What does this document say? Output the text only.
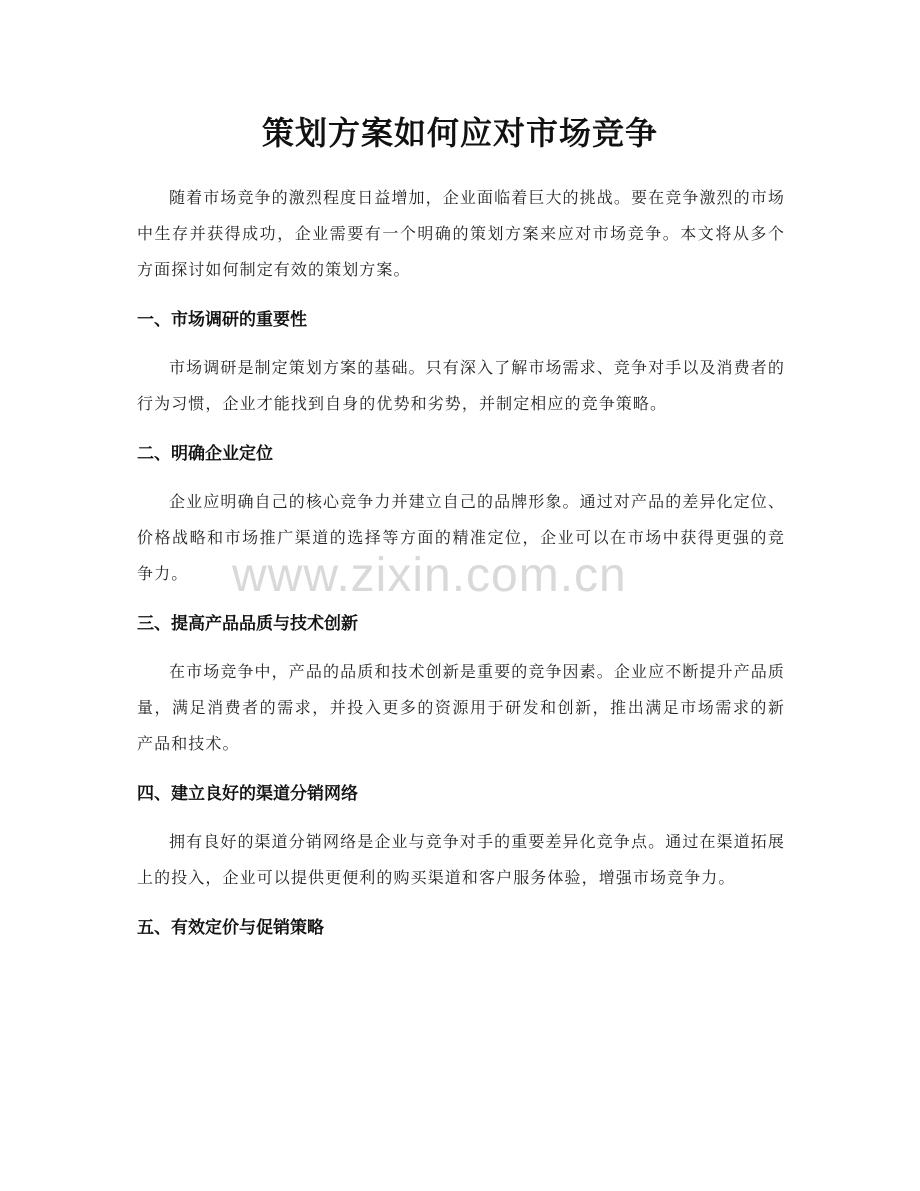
www.zixin.com.cn
策划方案如何应对市场竞争

随着市场竞争的激烈程度日益增加，企业面临着巨大的挑战。要在竞争激烈的市场中生存并获得成功，企业需要有一个明确的策划方案来应对市场竞争。本文将从多个方面探讨如何制定有效的策划方案。

一、市场调研的重要性

市场调研是制定策划方案的基础。只有深入了解市场需求、竞争对手以及消费者的行为习惯，企业才能找到自身的优势和劣势，并制定相应的竞争策略。

二、明确企业定位

企业应明确自己的核心竞争力并建立自己的品牌形象。通过对产品的差异化定位、价格战略和市场推广渠道的选择等方面的精准定位，企业可以在市场中获得更强的竞争力。

三、提高产品品质与技术创新

在市场竞争中，产品的品质和技术创新是重要的竞争因素。企业应不断提升产品质量，满足消费者的需求，并投入更多的资源用于研发和创新，推出满足市场需求的新产品和技术。

四、建立良好的渠道分销网络

拥有良好的渠道分销网络是企业与竞争对手的重要差异化竞争点。通过在渠道拓展上的投入，企业可以提供更便利的购买渠道和客户服务体验，增强市场竞争力。

五、有效定价与促销策略
